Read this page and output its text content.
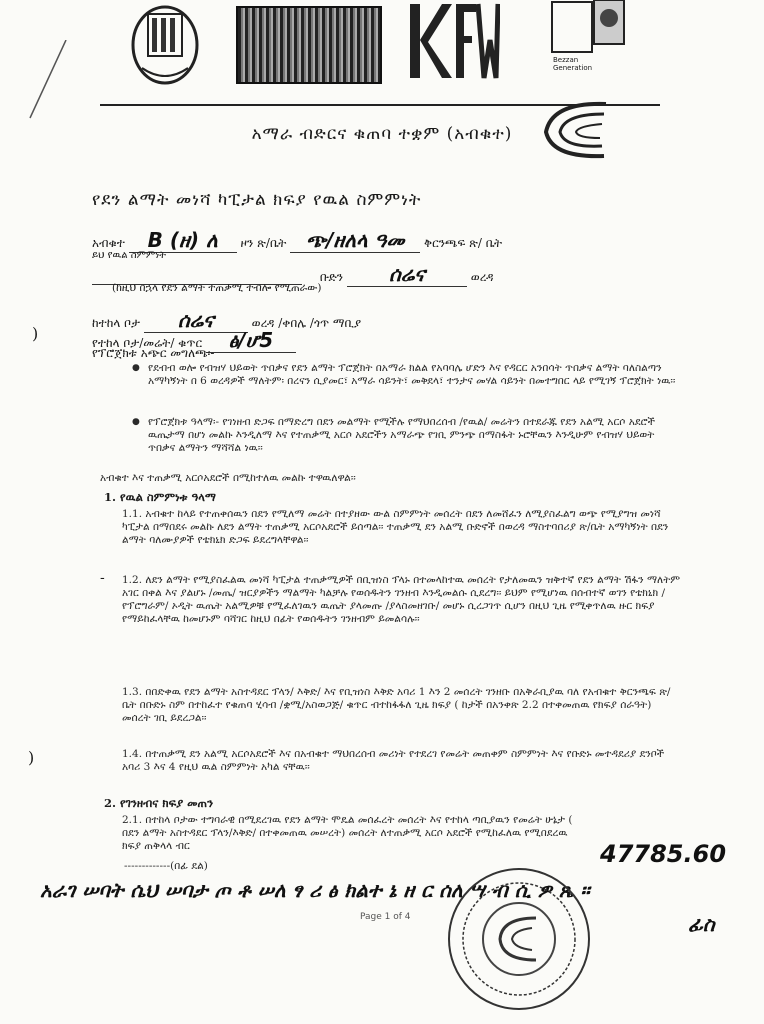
Bezzan Generation
አማራ ብድርና ቁጠባ ተቋም (አብቁተ)
የደን ልማት መነሻ ካፒታል ክፍያ የዉል ስምምነት
አብቁተ B (ዘ) ለ ዞን ጽ/ቤት ጭ/ዘለላ ዓመ ቅርንጫፍ ጽ/ ቤት
ይህ የዉል ስምምነት
ቡድን ሰሬና	ወረዳ
(ከዚህ በኋላ የደን ልማት ተጠቃሚ ተብሎ የሚጠራው)
ከተከላ ቦታ ሰሬና	ወረዳ /ቀበሌ /ጎጥ ማቢያ
የተከላ ቦታ/መሬት/ ቁጥር ፅ/ሆ5
የፕሮጀክቱ አጭር መግለጫ፡-
)
● የደብብ ወሎ የብዝሃ ህይወት ጥበቃና የደን ልማት ፕሮጀክት በአማራ ክልል የአባባሌ ሆድን እና የዳርር አንበሳት ጥበቃና ልማት ባለስልጣን አማካኝነት በ 6 ወረዳዎች ማለትም፡ በረናን ሲያመር፣ አማራ ሳይንት፣ መቅደላ፣ ተንታና መሃል ሳይንት በመተግበር ላይ የሚገኝ ፕሮጀክት ነዉ፡፡
● የፕሮጀክቱ ዓላማ፡- የገነዘብ ድጋፍ በማድረግ በደን መልማት የሚችሉ የማህበረሰብ /የዉል/ መሬትን በተደራጁ የደን አልሚ አርሶ አደሮች ዉጤታማ በሆነ መልኩ እንዲለማ እና የተጠቃሚ አርሶ አደሮችን አማራጭ የገቢ ምንጭ በማስፋት ኑሮቸዉን እንዲሁም የብዝሃ ህይወት ጥበቃና ልማትን ማሻሻል ነዉ፡፡
አብቁተ እና ተጠቃሚ አርሶአደሮች በሚከተለዉ መልኩ ተዋዉለዋል፡፡
1. የዉል ስምምነቱ ዓላማ
1.1. አብቁተ ከላይ የተጠቀሰዉን በደን የሚለማ መሬት በተያዘው ውል ስምምነት መሰረት በደን ለመሸፈን ለሚያስፈልግ ወጭ የሚያግዝ መነሻ ካፒታል በማበደሩ መልኩ ለደን ልማት ተጠቃሚ አርሶአደሮች ይሰጣል፡፡ ተጠቃሚ ደን አልሚ ቡድኖች በወረዳ ማስተባበሪያ ጽ/ቤት አማካኝነት በደን ልማት ባለሙያዎች የቴክኒክ ድጋፍ ይደረግላቸዋል፡፡
1.2. ለደን ልማት የሚያስፈልዉ መነሻ ካፒታል ተጠቃሚዎች በቢዝነስ ፕላኑ በተመላከተዉ መሰረት የታለመዉን ዝቅተኛ የደን ልማት ሽፋን ማለትም አገር በቀል እና ያልሆኑ /መጤ/ ዝርያዎችን ማልማት ካልቻሉ የወሰዱትን ገንዘብ እንዲመልሱ ሲደረግ፡፡ ይህም የሚሆነዉ በሰብተኛ ወገን የቴክኒክ /የፕሮግራም/ ኦዲት ዉጤት አልሚዎቹ የሚፈለገዉን ዉጤት ያላመጡ /ያላስመዘገቡ/ መሆኑ ሲረጋገጥ ሲሆን በዚህ ጊዜ የሚቀጥለዉ ዙር ክፍያ የማይከፈላቸዉ ከመሆኑም ባሻገር ከዚህ በፊት የወሰዱትን ገንዘብም ይመልሳሉ፡፡
-
1.3. በበድቀዉ የደን ልማት አስተዳደር ፕላን/ እቅድ/ እና የቢዝነስ እቅድ አባሪ 1 እን 2 መሰረት ገንዘቡ በአቅራቢያዉ ባለ የአብቁተ ቅርንጫፍ ጽ/ቤት በቡድኑ ስም በተከፈተ የቁጠባ ሂሳብ /ቋሚ/አስወጋጅ/ ቁጥር ብተከፋፋለ ጊዜ ክፍያ ( ከታች በአንቀጽ 2.2 በተቀመጠዉ የክፍያ ሰራዓት) መሰረት ገቢ ይደረጋል፡፡
1.4. በተጠቃሚ ደን አልሚ አርሶአደሮች እና በአብቁተ ማህበረሰብ መሪነት የተደረገ የመሬት መጠቀም ስምምነት እና የቡድኑ መተዳደሪያ ደንቦች አባሪ 3 እና 4 የዚህ ዉል ስምምነት አካል ናቸዉ፡፡
)
2. የገንዘብና ክፍያ መጠን
2.1. በተከላ ቦታው ተግባራዊ በሚደረገዉ የደን ልማት ሞዴል መሰፈረት መሰረት እና የተከላ ጣቢያዉን የመሬት ሁኔታ ( በደን ልማት አስተዳደር ፕላን/እቅድ/ በተቀመጠዉ መሠረት) መሰረት ለተጠቃሚ አርሶ አደሮች የሚከፈለዉ የሚበደረዉ ክፍያ ጠቅላላ ብር	47785.60
-------------(በፊ ደል)
አራገ ሠባት ሴህ ሠባታ ጦ ቶ ሠለ ፃ ሪ ፅ ክልተ ኔ ዘ ር ሰለ ሣ ብ ሲ ዎ ጼ ።
ፊስ
Page 1 of 4
